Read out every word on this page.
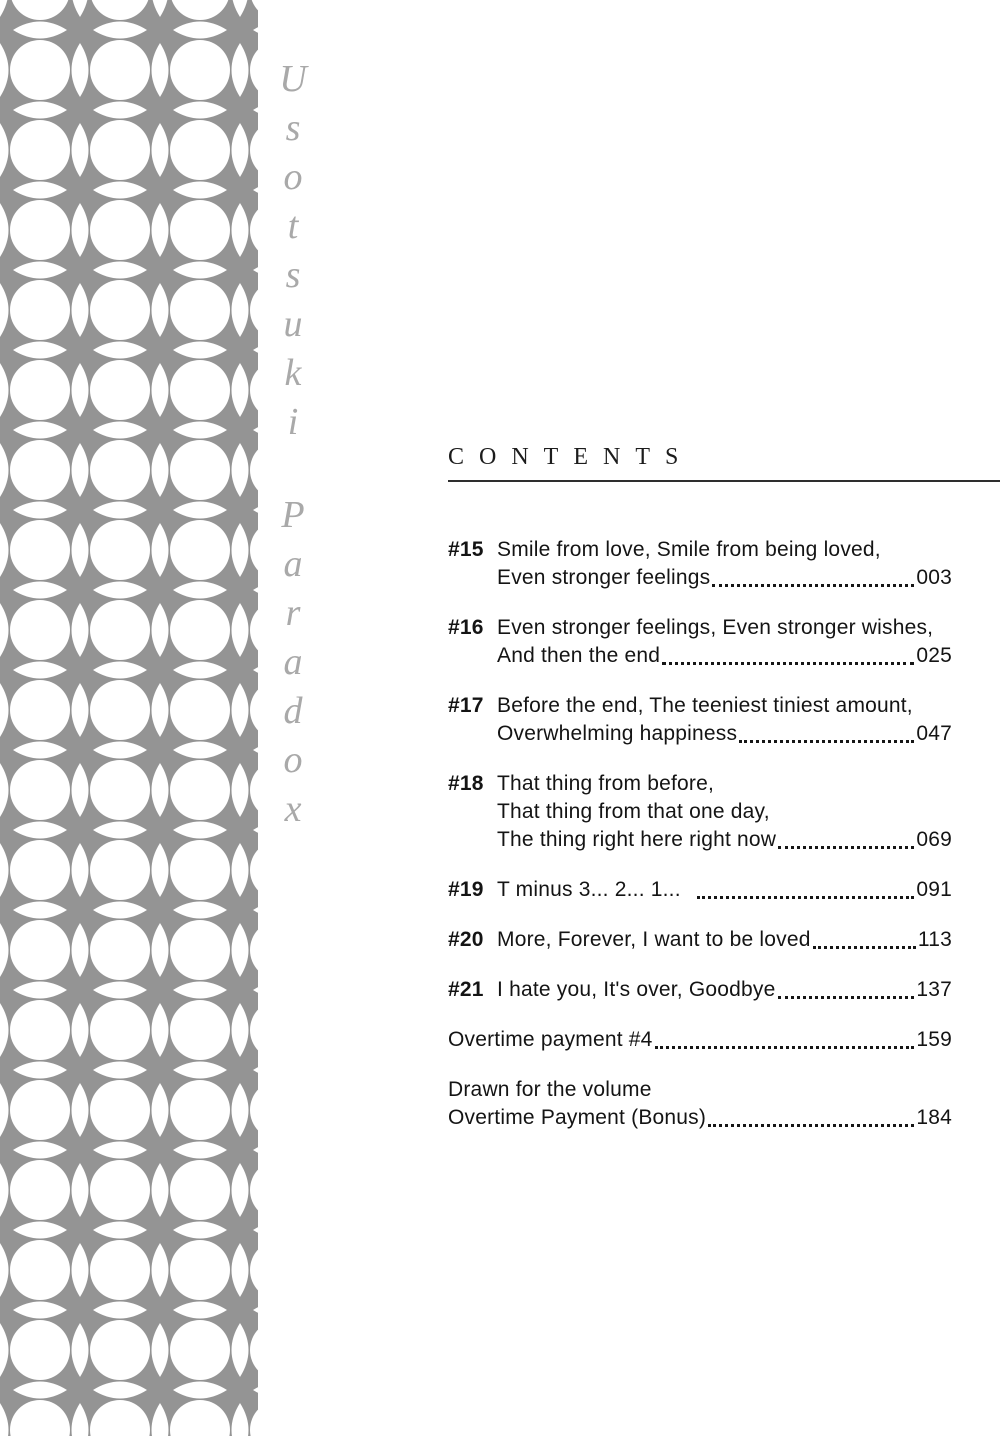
U
s
o
t
s
u
k
i
P
a
r
a
d
o
x
CONTENTS
#15 Smile from love, Smile from being loved,
Even stronger feelings	003
#16 Even stronger feelings, Even stronger wishes,
And then the end	025
#17 Before the end, The teeniest tiniest amount,
Overwhelming happiness	047
#18 That thing from before,
That thing from that one day,
The thing right here right now	069
#19 T minus 3... 2... 1...	091
#20 More, Forever, I want to be loved	113
#21 I hate you, It's over, Goodbye	137
Overtime payment #4	159
Drawn for the volume
Overtime Payment (Bonus)	184
